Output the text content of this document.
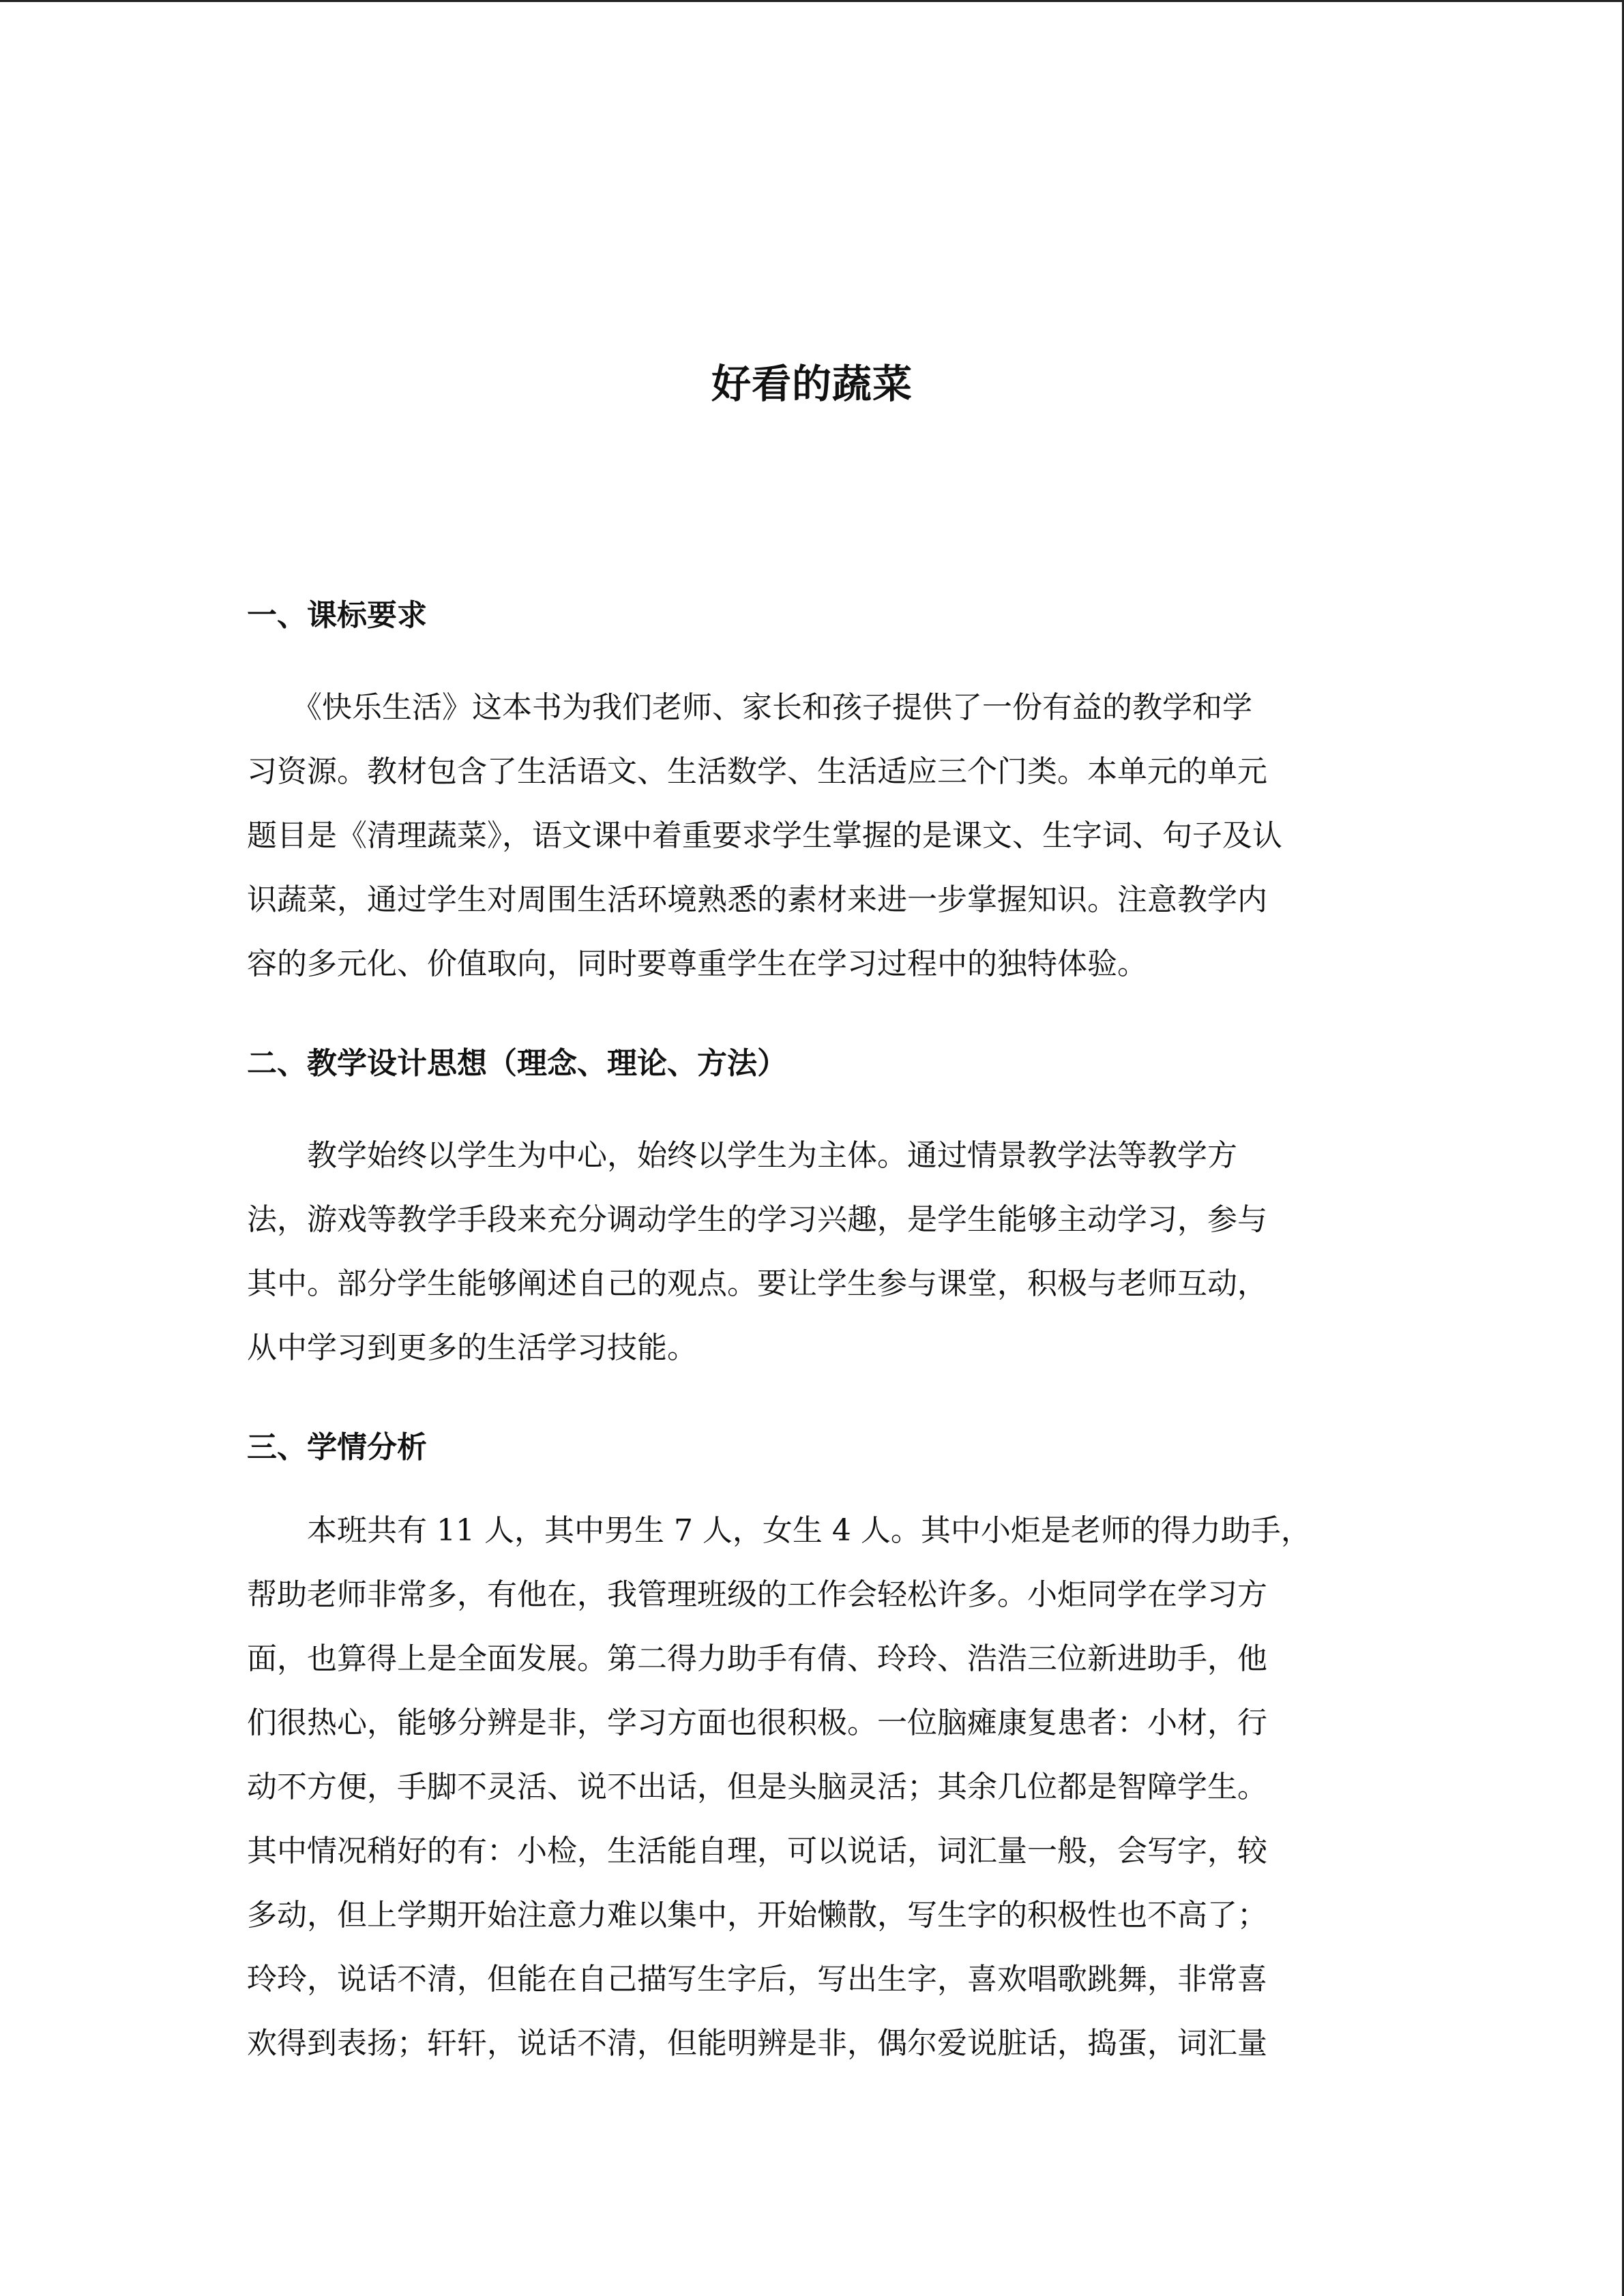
好看的蔬菜
一、课标要求
　　《快乐生活》这本书为我们老师、家长和孩子提供了一份有益的教学和学
习资源。教材包含了生活语文、生活数学、生活适应三个门类。本单元的单元
题目是《清理蔬菜》，语文课中着重要求学生掌握的是课文、生字词、句子及认
识蔬菜，通过学生对周围生活环境熟悉的素材来进一步掌握知识。注意教学内
容的多元化、价值取向，同时要尊重学生在学习过程中的独特体验。
二、教学设计思想（理念、理论、方法）
　　教学始终以学生为中心，始终以学生为主体。通过情景教学法等教学方
法，游戏等教学手段来充分调动学生的学习兴趣，是学生能够主动学习，参与
其中。部分学生能够阐述自己的观点。要让学生参与课堂，积极与老师互动，
从中学习到更多的生活学习技能。
三、学情分析
　　本班共有 11 人，其中男生 7 人，女生 4 人。其中小炬是老师的得力助手，
帮助老师非常多，有他在，我管理班级的工作会轻松许多。小炬同学在学习方
面，也算得上是全面发展。第二得力助手有倩、玲玲、浩浩三位新进助手，他
们很热心，能够分辨是非，学习方面也很积极。一位脑瘫康复患者：小材，行
动不方便，手脚不灵活、说不出话，但是头脑灵活；其余几位都是智障学生。
其中情况稍好的有：小检，生活能自理，可以说话，词汇量一般，会写字，较
多动，但上学期开始注意力难以集中，开始懒散，写生字的积极性也不高了；
玲玲，说话不清，但能在自己描写生字后，写出生字，喜欢唱歌跳舞，非常喜
欢得到表扬；轩轩，说话不清，但能明辨是非，偶尔爱说脏话，捣蛋，词汇量
